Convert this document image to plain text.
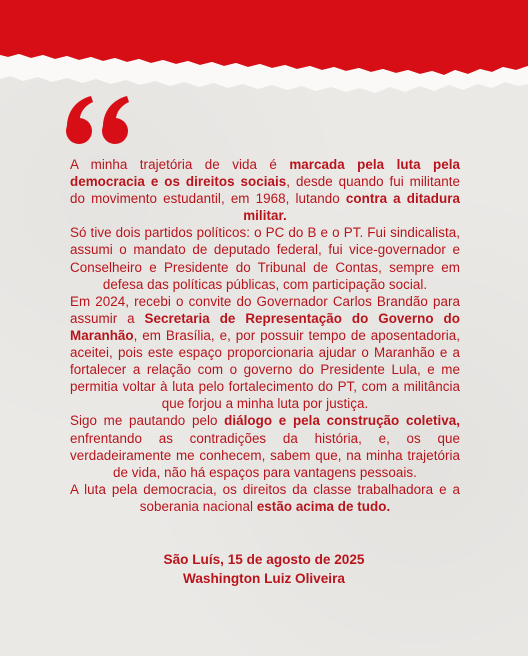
A minha trajetória de vida é marcada pela luta pela democracia e os direitos sociais, desde quando fui militante do movimento estudantil, em 1968, lutando contra a ditadura militar.

Só tive dois partidos políticos: o PC do B e o PT. Fui sindicalista, assumi o mandato de deputado federal, fui vice-governador e Conselheiro e Presidente do Tribunal de Contas, sempre em defesa das políticas públicas, com participação social.

Em 2024, recebi o convite do Governador Carlos Brandão para assumir a Secretaria de Representação do Governo do Maranhão, em Brasília, e, por possuir tempo de aposentadoria, aceitei, pois este espaço proporcionaria ajudar o Maranhão e a fortalecer a relação com o governo do Presidente Lula, e me permitia voltar à luta pelo fortalecimento do PT, com a militância que forjou a minha luta por justiça.

Sigo me pautando pelo diálogo e pela construção coletiva, enfrentando as contradições da história, e, os que verdadeiramente me conhecem, sabem que, na minha trajetória de vida, não há espaços para vantagens pessoais.

A luta pela democracia, os direitos da classe trabalhadora e a soberania nacional estão acima de tudo.

São Luís, 15 de agosto de 2025
Washington Luiz Oliveira
